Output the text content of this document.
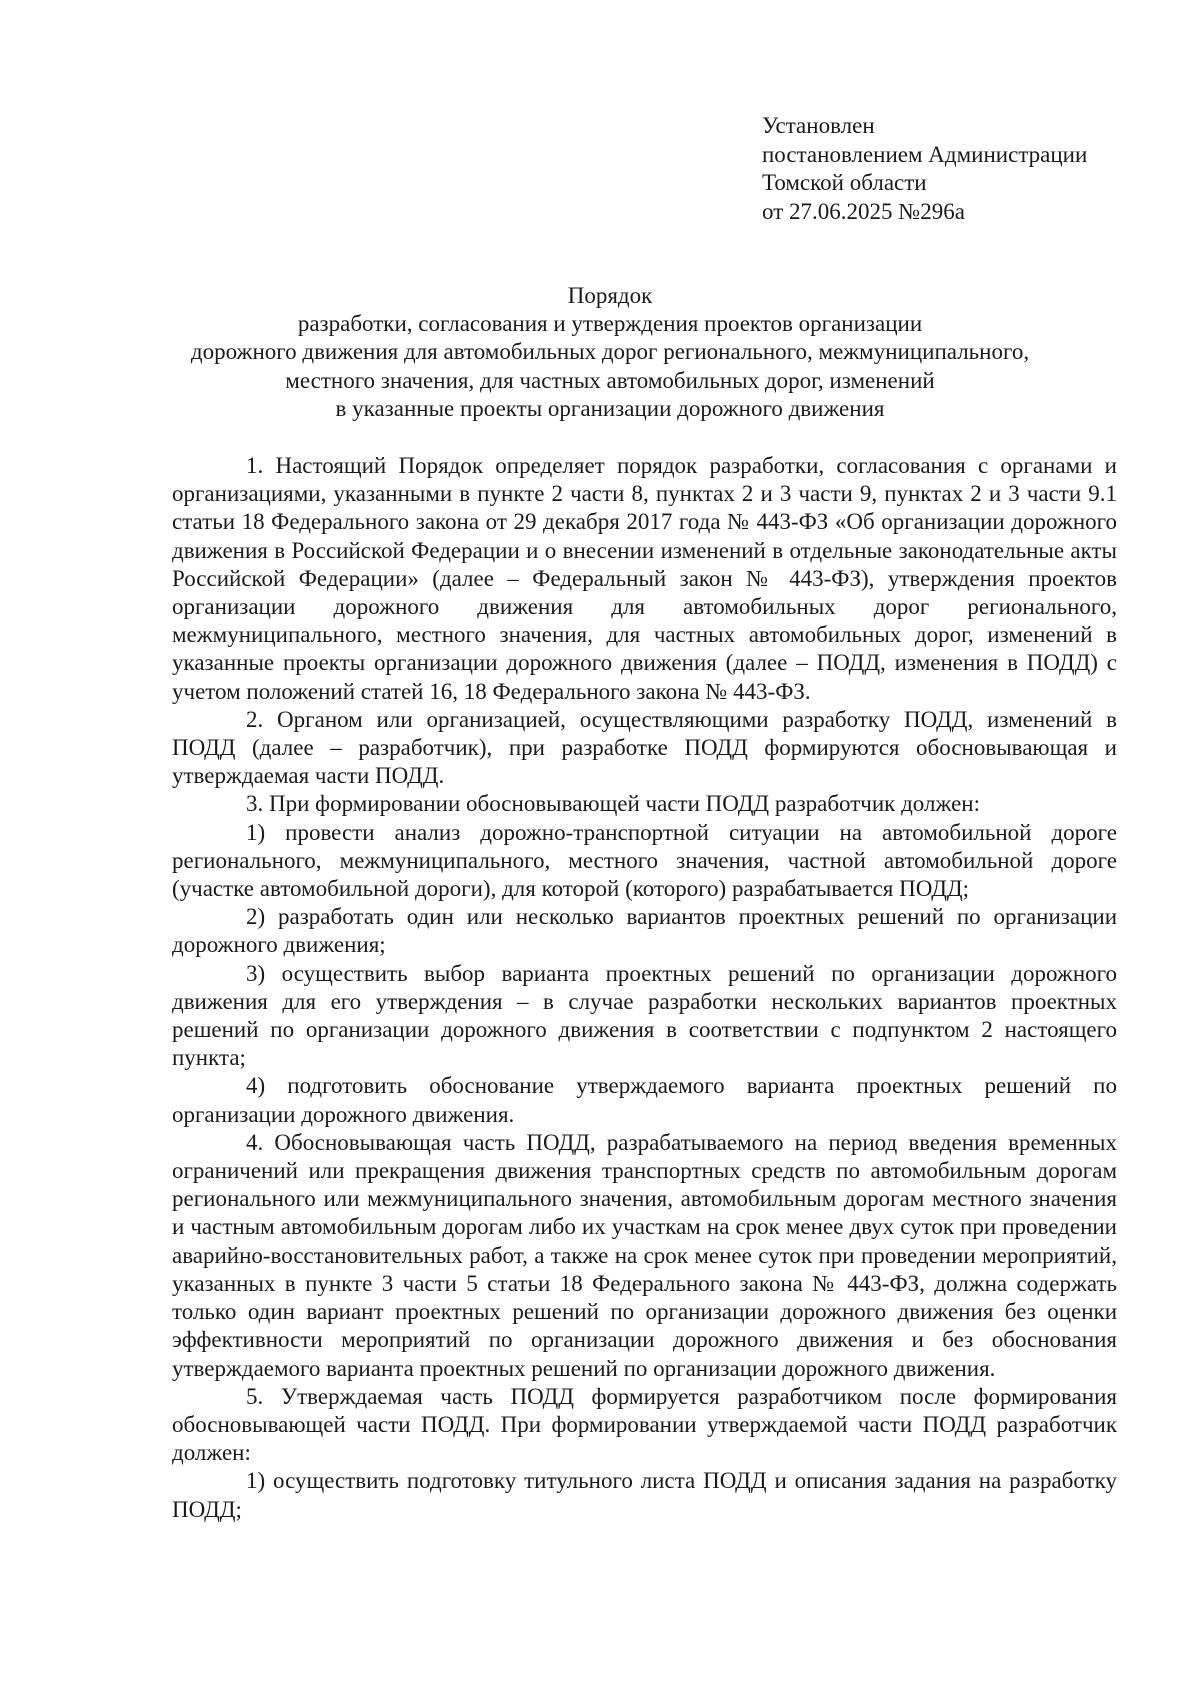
Установлен
постановлением Администрации
Томской области
от 27.06.2025 №296а
Порядок
разработки, согласования и утверждения проектов организации
дорожного движения для автомобильных дорог регионального, межмуниципального,
местного значения, для частных автомобильных дорог, изменений
в указанные проекты организации дорожного движения

1. Настоящий Порядок определяет порядок разработки, согласования с органами и организациями, указанными в пункте 2 части 8, пунктах 2 и 3 части 9, пунктах 2 и 3 части 9.1 статьи 18 Федерального закона от 29 декабря 2017 года № 443-ФЗ «Об организации дорожного движения в Российской Федерации и о внесении изменений в отдельные законодательные акты Российской Федерации» (далее – Федеральный закон № 443-ФЗ), утверждения проектов организации дорожного движения для автомобильных дорог регионального, межмуниципального, местного значения, для частных автомобильных дорог, изменений в указанные проекты организации дорожного движения (далее – ПОДД, изменения в ПОДД) с учетом положений статей 16, 18 Федерального закона № 443-ФЗ.

2. Органом или организацией, осуществляющими разработку ПОДД, изменений в ПОДД (далее – разработчик), при разработке ПОДД формируются обосновывающая и утверждаемая части ПОДД.

3. При формировании обосновывающей части ПОДД разработчик должен:

1) провести анализ дорожно-транспортной ситуации на автомобильной дороге регионального, межмуниципального, местного значения, частной автомобильной дороге (участке автомобильной дороги), для которой (которого) разрабатывается ПОДД;

2) разработать один или несколько вариантов проектных решений по организации дорожного движения;

3) осуществить выбор варианта проектных решений по организации дорожного движения для его утверждения – в случае разработки нескольких вариантов проектных решений по организации дорожного движения в соответствии с подпунктом 2 настоящего пункта;

4) подготовить обоснование утверждаемого варианта проектных решений по организации дорожного движения.

4. Обосновывающая часть ПОДД, разрабатываемого на период введения временных ограничений или прекращения движения транспортных средств по автомобильным дорогам регионального или межмуниципального значения, автомобильным дорогам местного значения и частным автомобильным дорогам либо их участкам на срок менее двух суток при проведении аварийно-восстановительных работ, а также на срок менее суток при проведении мероприятий, указанных в пункте 3 части 5 статьи 18 Федерального закона № 443-ФЗ, должна содержать только один вариант проектных решений по организации дорожного движения без оценки эффективности мероприятий по организации дорожного движения и без обоснования утверждаемого варианта проектных решений по организации дорожного движения.

5. Утверждаемая часть ПОДД формируется разработчиком после формирования обосновывающей части ПОДД. При формировании утверждаемой части ПОДД разработчик должен:

1) осуществить подготовку титульного листа ПОДД и описания задания на разработку ПОДД;
